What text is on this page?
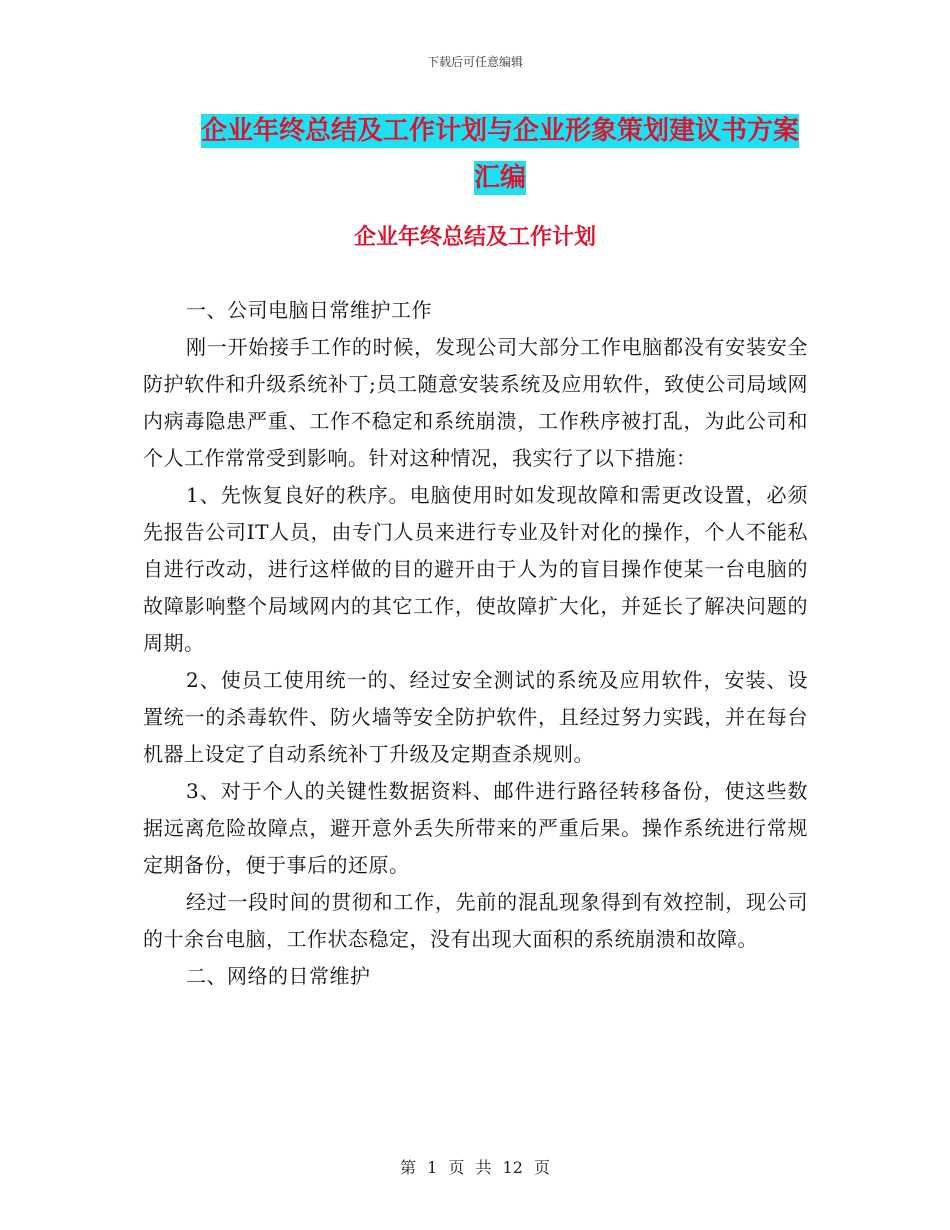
下载后可任意编辑
企业年终总结及工作计划与企业形象策划建议书方案
汇编
企业年终总结及工作计划

一、公司电脑日常维护工作

刚一开始接手工作的时候，发现公司大部分工作电脑都没有安装安全防护软件和升级系统补丁;员工随意安装系统及应用软件，致使公司局域网内病毒隐患严重、工作不稳定和系统崩溃，工作秩序被打乱，为此公司和个人工作常常受到影响。针对这种情况，我实行了以下措施：

1、先恢复良好的秩序。电脑使用时如发现故障和需更改设置，必须先报告公司IT人员，由专门人员来进行专业及针对化的操作，个人不能私自进行改动，进行这样做的目的避开由于人为的盲目操作使某一台电脑的故障影响整个局域网内的其它工作，使故障扩大化，并延长了解决问题的周期。

2、使员工使用统一的、经过安全测试的系统及应用软件，安装、设置统一的杀毒软件、防火墙等安全防护软件，且经过努力实践，并在每台机器上设定了自动系统补丁升级及定期查杀规则。

3、对于个人的关键性数据资料、邮件进行路径转移备份，使这些数据远离危险故障点，避开意外丢失所带来的严重后果。操作系统进行常规定期备份，便于事后的还原。

经过一段时间的贯彻和工作，先前的混乱现象得到有效控制，现公司的十余台电脑，工作状态稳定，没有出现大面积的系统崩溃和故障。

二、网络的日常维护

第 1 页 共 12 页
